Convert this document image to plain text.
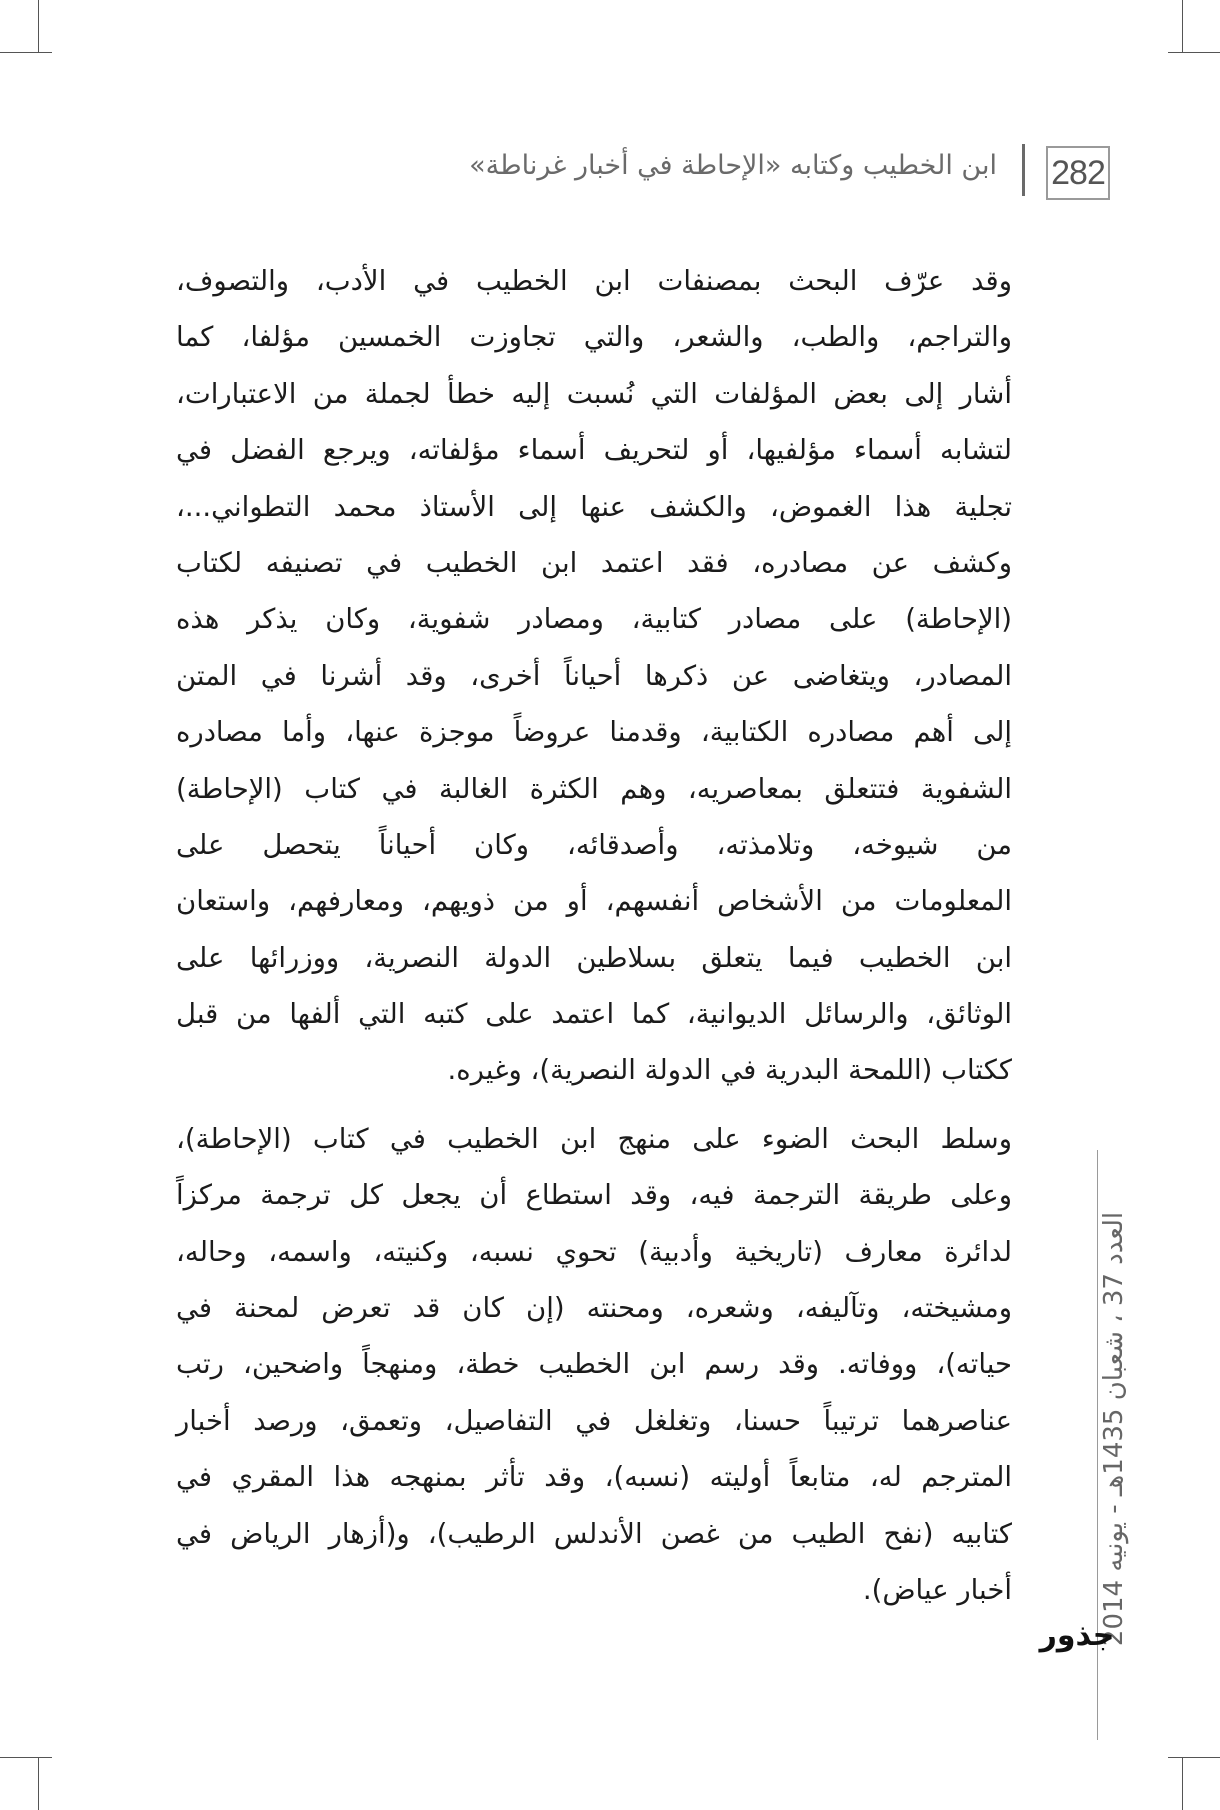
282
ابن الخطيب وكتابه «الإحاطة في أخبار غرناطة»
وقد عرّف البحث بمصنفات ابن الخطيب في الأدب، والتصوف،
والتراجم، والطب، والشعر، والتي تجاوزت الخمسين مؤلفا، كما
أشار إلى بعض المؤلفات التي نُسبت إليه خطأ لجملة من الاعتبارات،
لتشابه أسماء مؤلفيها، أو لتحريف أسماء مؤلفاته، ويرجع الفضل في
تجلية هذا الغموض، والكشف عنها إلى الأستاذ محمد التطواني...،
وكشف عن مصادره، فقد اعتمد ابن الخطيب في تصنيفه لكتاب
(الإحاطة) على مصادر كتابية، ومصادر شفوية، وكان يذكر هذه
المصادر، ويتغاضى عن ذكرها أحياناً أخرى، وقد أشرنا في المتن
إلى أهم مصادره الكتابية، وقدمنا عروضاً موجزة عنها، وأما مصادره
الشفوية فتتعلق بمعاصريه، وهم الكثرة الغالبة في كتاب (الإحاطة)
من شيوخه، وتلامذته، وأصدقائه، وكان أحياناً يتحصل على
المعلومات من الأشخاص أنفسهم، أو من ذويهم، ومعارفهم، واستعان
ابن الخطيب فيما يتعلق بسلاطين الدولة النصرية، ووزرائها على
الوثائق، والرسائل الديوانية، كما اعتمد على كتبه التي ألفها من قبل
ككتاب (اللمحة البدرية في الدولة النصرية)، وغيره.
وسلط البحث الضوء على منهج ابن الخطيب في كتاب (الإحاطة)،
وعلى طريقة الترجمة فيه، وقد استطاع أن يجعل كل ترجمة مركزاً
لدائرة معارف (تاريخية وأدبية) تحوي نسبه، وكنيته، واسمه، وحاله،
ومشيخته، وتآليفه، وشعره، ومحنته (إن كان قد تعرض لمحنة في
حياته)، ووفاته. وقد رسم ابن الخطيب خطة، ومنهجاً واضحين، رتب
عناصرهما ترتيباً حسنا، وتغلغل في التفاصيل، وتعمق، ورصد أخبار
المترجم له، متابعاً أوليته (نسبه)، وقد تأثر بمنهجه هذا المقري في
كتابيه (نفح الطيب من غصن الأندلس الرطيب)، و(أزهار الرياض في
أخبار عياض).	العدد 37 ، شعبان 1435هـ - يونيه 2014
جذور
